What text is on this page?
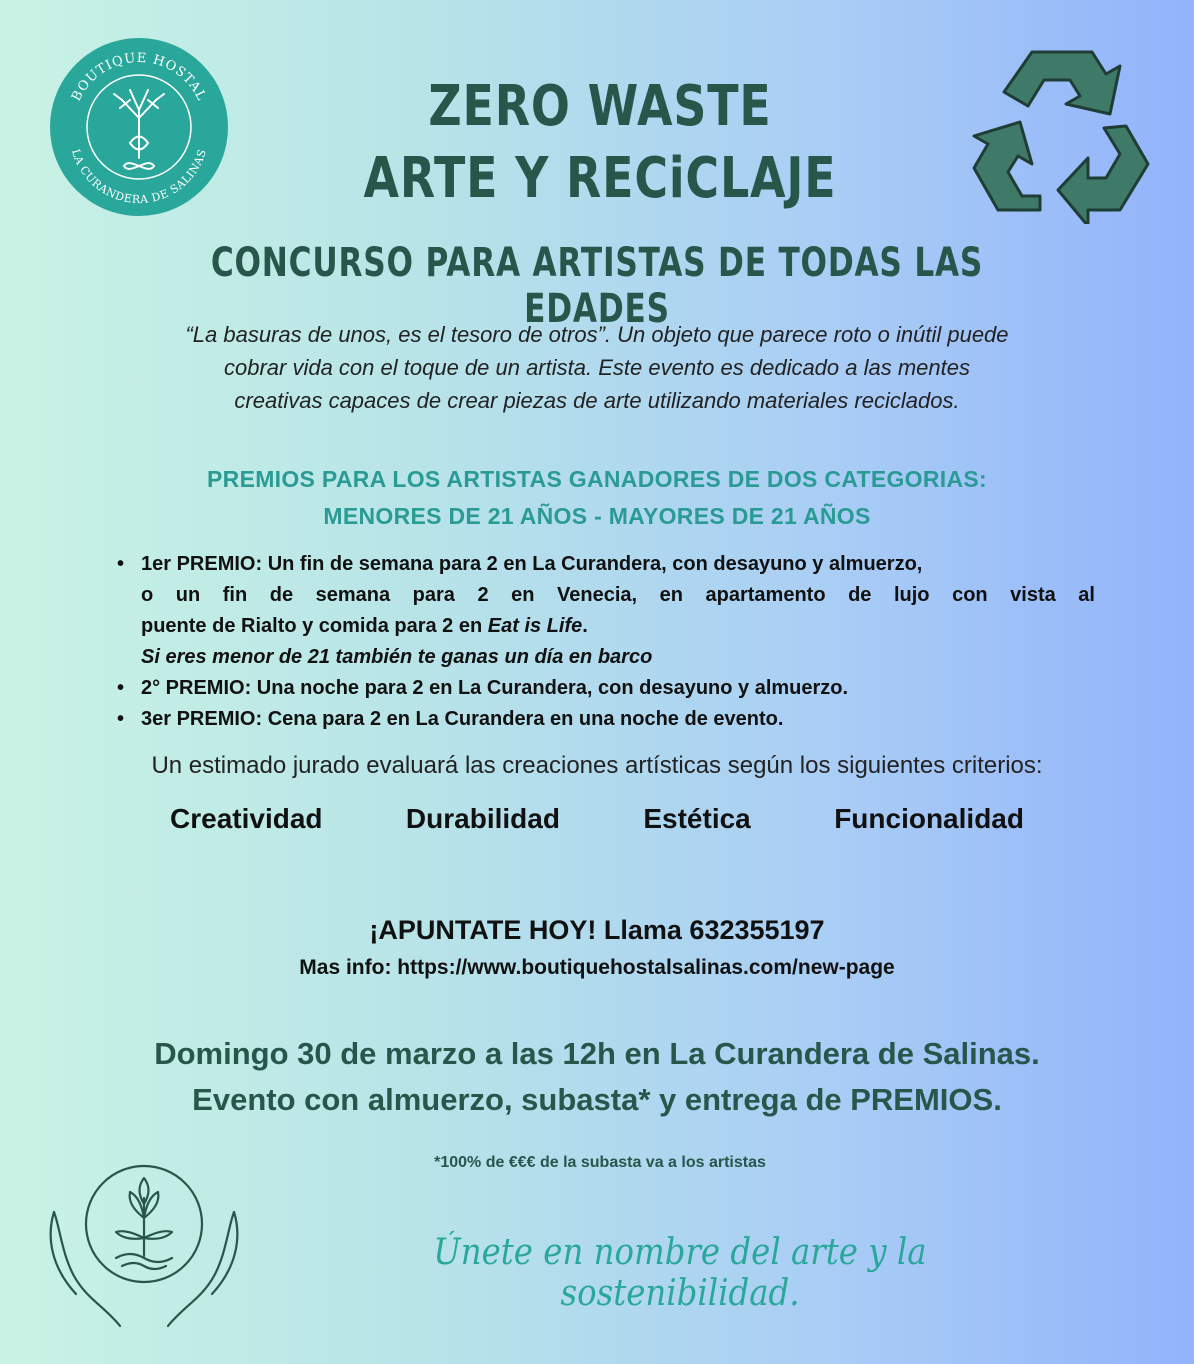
BOUTIQUE HOSTAL
LA CURANDERA DE SALINAS
ZERO WASTE
ARTE Y RECiCLAJE
CONCURSO PARA ARTISTAS DE TODAS LAS EDADES
“La basuras de unos, es el tesoro de otros”. Un objeto que parece roto o inútil puede
cobrar vida con el toque de un artista. Este evento es dedicado a las mentes
creativas capaces de crear piezas de arte utilizando materiales reciclados.
PREMIOS PARA LOS ARTISTAS GANADORES DE DOS CATEGORIAS:
MENORES DE 21 AÑOS - MAYORES DE 21 AÑOS
• 1er PREMIO: Un fin de semana para 2 en La Curandera, con desayuno y almuerzo,
o un fin de semana para 2 en Venecia, en apartamento de lujo con vista al
puente de Rialto y comida para 2 en Eat is Life.
Si eres menor de 21 también te ganas un día en barco
• 2° PREMIO: Una noche para 2 en La Curandera, con desayuno y almuerzo.
• 3er PREMIO: Cena para 2 en La Curandera en una noche de evento.
Un estimado jurado evaluará las creaciones artísticas según los siguientes criterios:
Creatividad	Durabilidad	Estética	Funcionalidad
¡APUNTATE HOY! Llama 632355197
Mas info: https://www.boutiquehostalsalinas.com/new-page
Domingo 30 de marzo a las 12h en La Curandera de Salinas.
Evento con almuerzo, subasta* y entrega de PREMIOS.
*100% de €€€ de la subasta va a los artistas
Únete en nombre del arte y la sostenibilidad.
